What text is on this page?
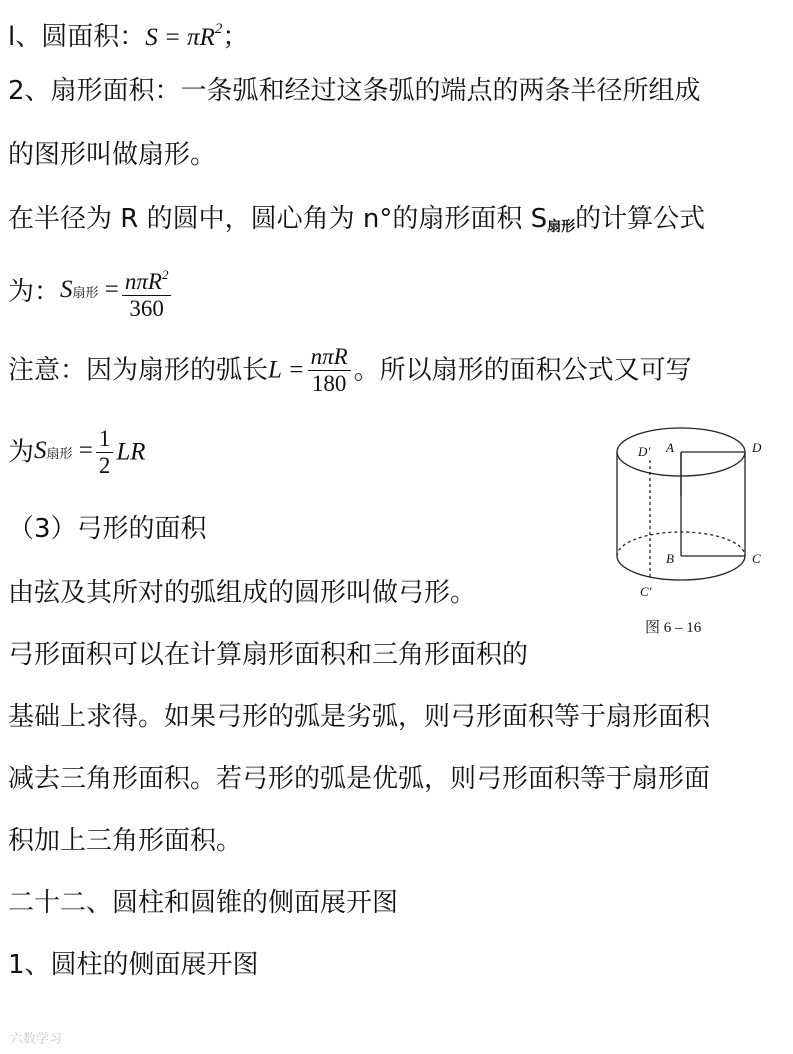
l、圆面积：$S = \pi R^2$；
2、扇形面积：一条弧和经过这条弧的端点的两条半径所组成
的图形叫做扇形。
在半径为 R 的圆中，圆心角为 n°的扇形面积 S扇形的计算公式
为：S扇形 = $\frac{n\pi R^2}{360}$
注意：因为扇形的弧长$L = \frac{\text{nπR}}{180}$ 。所以扇形的面积公式又可写
为S扇形 = $\frac{1}{2}$ LR
（3）弓形的面积
由弦及其所对的弧组成的圆形叫做弓形。
弓形面积可以在计算扇形面积和三角形面积的
基础上求得。如果弓形的弧是劣弧，则弓形面积等于扇形面积
减去三角形面积。若弓形的弧是优弧，则弓形面积等于扇形面
积加上三角形面积。
二十二、圆柱和圆锥的侧面展开图
1、圆柱的侧面展开图
D' A	D
B	C
C'
图 6 – 16
六数学习
